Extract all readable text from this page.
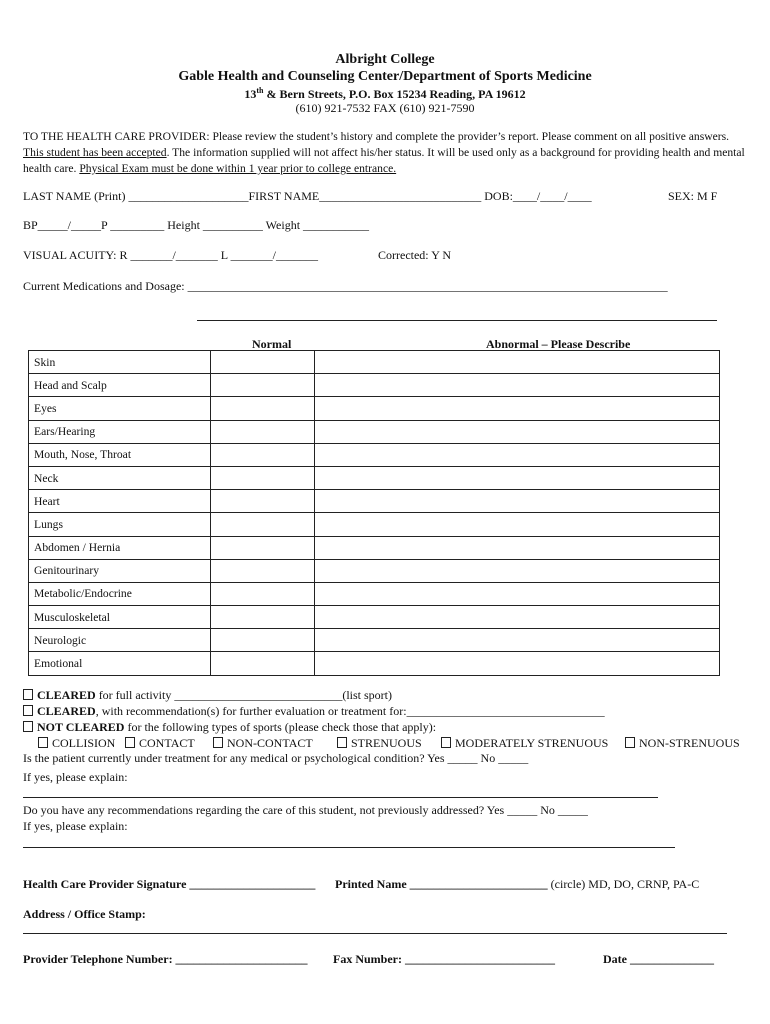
Albright College
Gable Health and Counseling Center/Department of Sports Medicine
13th & Bern Streets, P.O. Box 15234 Reading, PA 19612
(610) 921-7532 FAX (610) 921-7590
TO THE HEALTH CARE PROVIDER: Please review the student’s history and complete the provider’s report. Please comment on all positive answers. This student has been accepted. The information supplied will not affect his/her status. It will be used only as a background for providing health and mental health care. Physical Exam must be done within 1 year prior to college entrance.
LAST NAME (Print) ____________________FIRST NAME___________________________ DOB:____/____/____	SEX: M F
BP_____/_____P _________ Height __________ Weight ___________
VISUAL ACUITY: R _______/_______ L _______/_______	Corrected: Y N
Current Medications and Dosage: ________________________________________________________________________________
Normal	Abnormal – Please Describe
Skin		
Head and Scalp		
Eyes		
Ears/Hearing		
Mouth, Nose, Throat		
Neck		
Heart		
Lungs		
Abdomen / Hernia		
Genitourinary		
Metabolic/Endocrine		
Musculoskeletal		
Neurologic		
Emotional		
CLEARED for full activity ____________________________(list sport)
CLEARED, with recommendation(s) for further evaluation or treatment for:_________________________________
NOT CLEARED for the following types of sports (please check those that apply):
COLLISION	CONTACT	NON-CONTACT	STRENUOUS	MODERATELY STRENUOUS	NON-STRENUOUS
Is the patient currently under treatment for any medical or psychological condition? Yes _____ No _____
If yes, please explain:
Do you have any recommendations regarding the care of this student, not previously addressed? Yes _____ No _____
If yes, please explain:
Health Care Provider Signature _____________________ Printed Name _______________________ (circle) MD, DO, CRNP, PA-C
Address / Office Stamp:
Provider Telephone Number: ______________________ Fax Number: _________________________	Date ______________
